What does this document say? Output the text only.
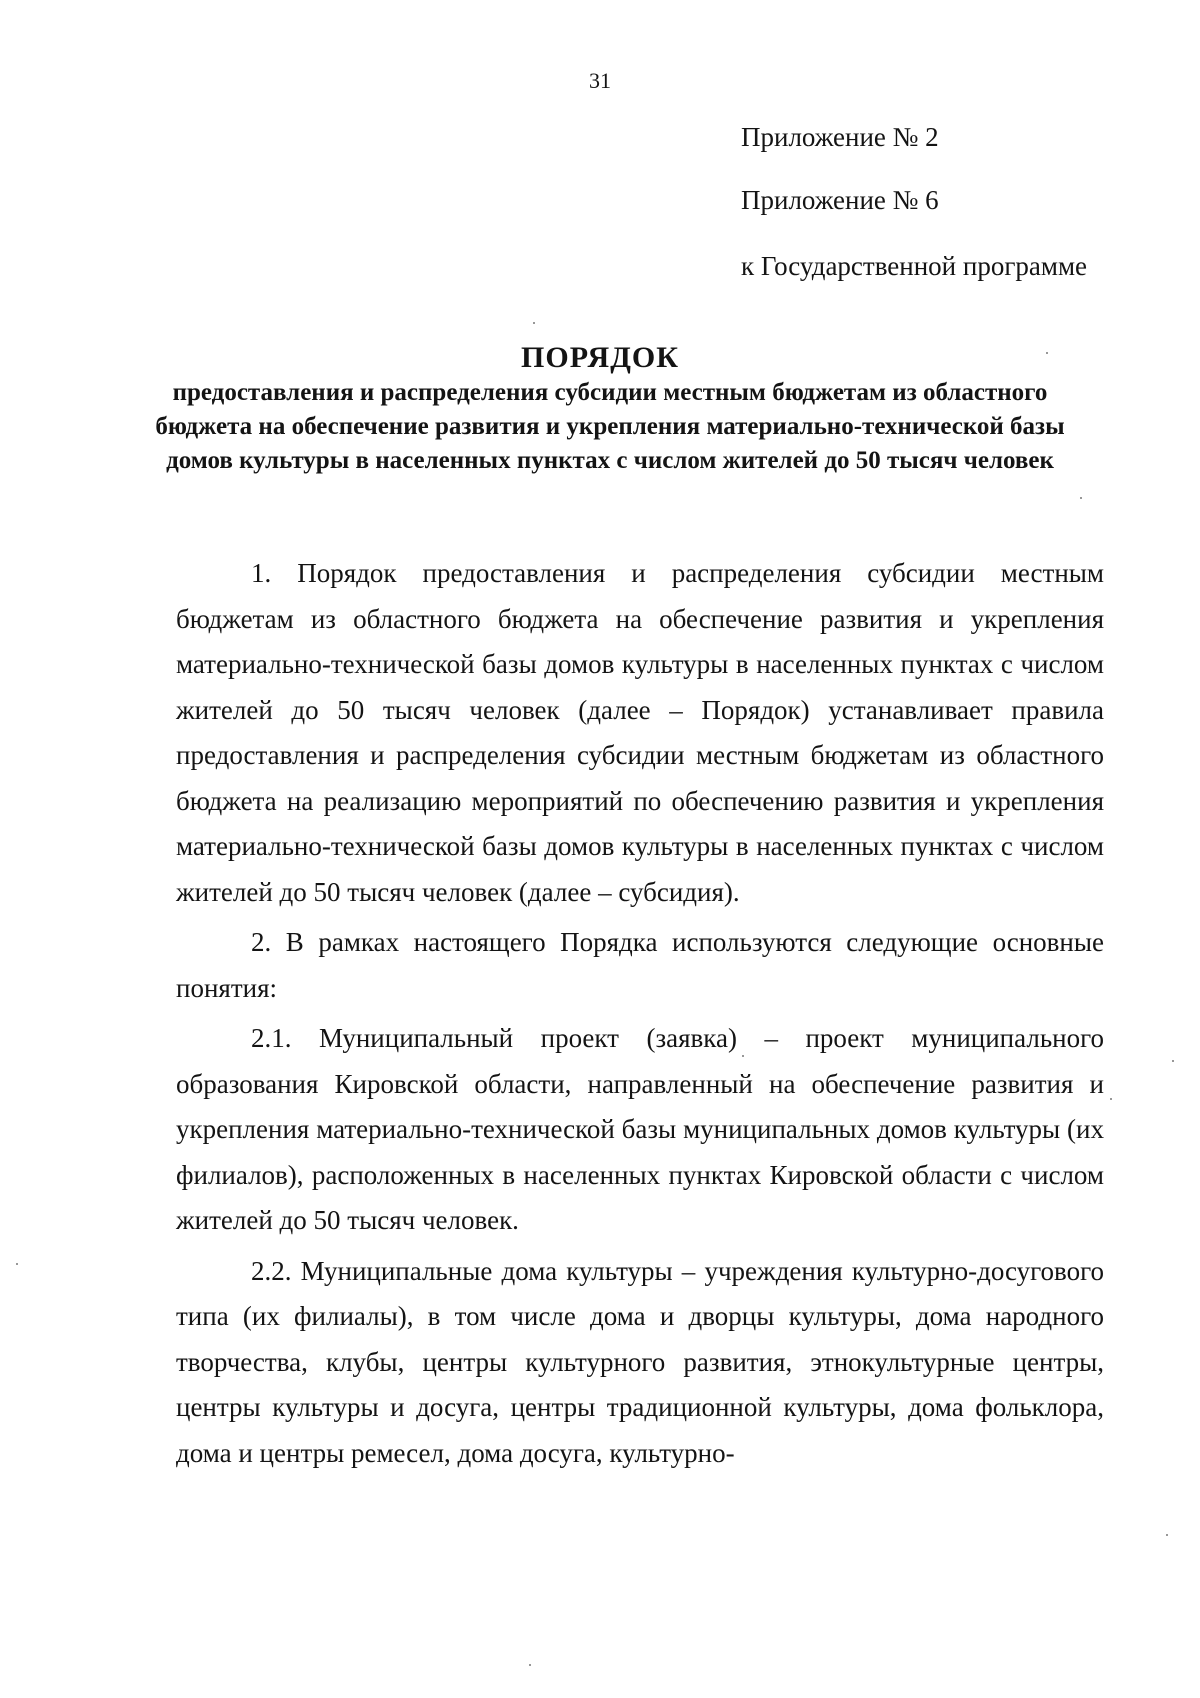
31
Приложение № 2
Приложение № 6
к Государственной программе

ПОРЯДОК

предоставления и распределения субсидии местным бюджетам из областного бюджета на обеспечение развития и укрепления материально-технической базы домов культуры в населенных пунктах с числом жителей до 50 тысяч человек

1. Порядок предоставления и распределения субсидии местным бюджетам из областного бюджета на обеспечение развития и укрепления материально-технической базы домов культуры в населенных пунктах с числом жителей до 50 тысяч человек (далее – Порядок) устанавливает правила предоставления и распределения субсидии местным бюджетам из областного бюджета на реализацию мероприятий по обеспечению развития и укрепления материально-технической базы домов культуры в населенных пунктах с числом жителей до 50 тысяч человек (далее – субсидия).

2. В рамках настоящего Порядка используются следующие основные понятия:

2.1. Муниципальный проект (заявка) – проект муниципального образования Кировской области, направленный на обеспечение развития и укрепления материально-технической базы муниципальных домов культуры (их филиалов), расположенных в населенных пунктах Кировской области с числом жителей до 50 тысяч человек.

2.2. Муниципальные дома культуры – учреждения культурно-досугового типа (их филиалы), в том числе дома и дворцы культуры, дома народного творчества, клубы, центры культурного развития, этнокультурные центры, центры культуры и досуга, центры традиционной культуры, дома фольклора, дома и центры ремесел, дома досуга, культурно-
